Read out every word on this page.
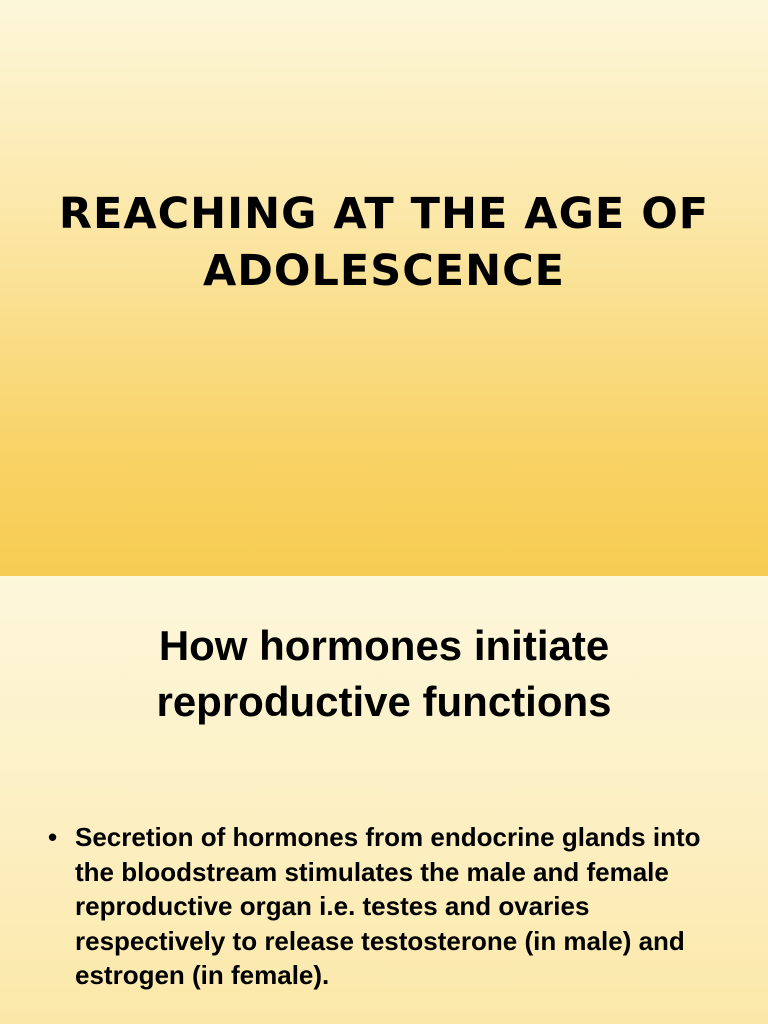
REACHING AT THE AGE OF ADOLESCENCE
How hormones initiate reproductive functions
• Secretion of hormones from endocrine glands into the bloodstream stimulates the male and female reproductive organ i.e. testes and ovaries respectively to release testosterone (in male) and estrogen (in female).
